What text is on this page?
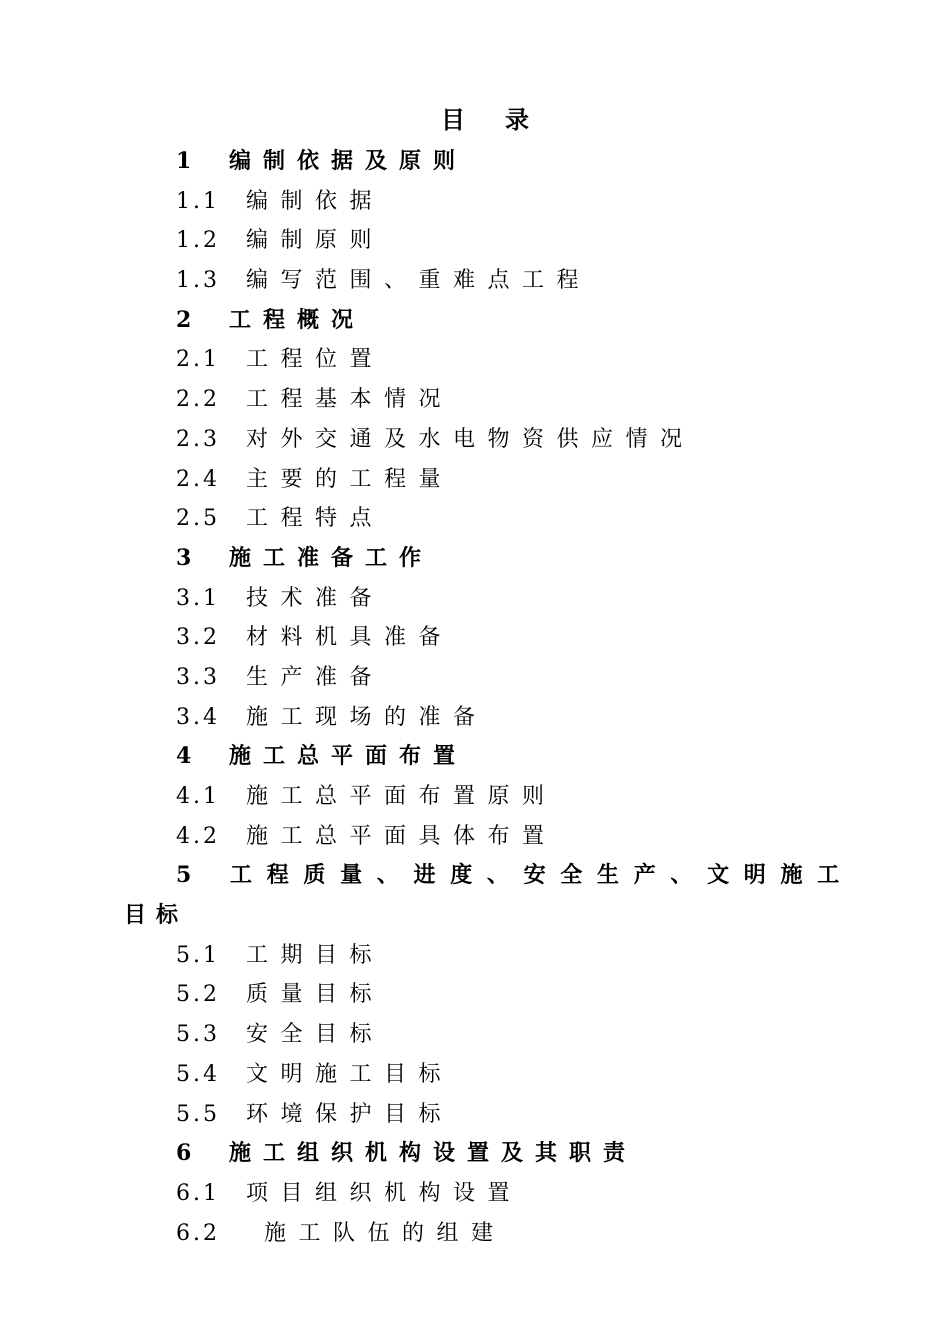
目录
1 编制依据及原则
1.1 编制依据
1.2 编制原则
1.3 编写范围、重难点工程
2 工程概况
2.1 工程位置
2.2 工程基本情况
2.3 对外交通及水电物资供应情况
2.4 主要的工程量
2.5 工程特点
3 施工准备工作
3.1 技术准备
3.2 材料机具准备
3.3 生产准备
3.4 施工现场的准备
4 施工总平面布置
4.1 施工总平面布置原则
4.2 施工总平面具体布置
5 工程质量、进度、安全生产、文明施工
目标
5.1 工期目标
5.2 质量目标
5.3 安全目标
5.4 文明施工目标
5.5 环境保护目标
6 施工组织机构设置及其职责
6.1 项目组织机构设置
6.2 施工队伍的组建
